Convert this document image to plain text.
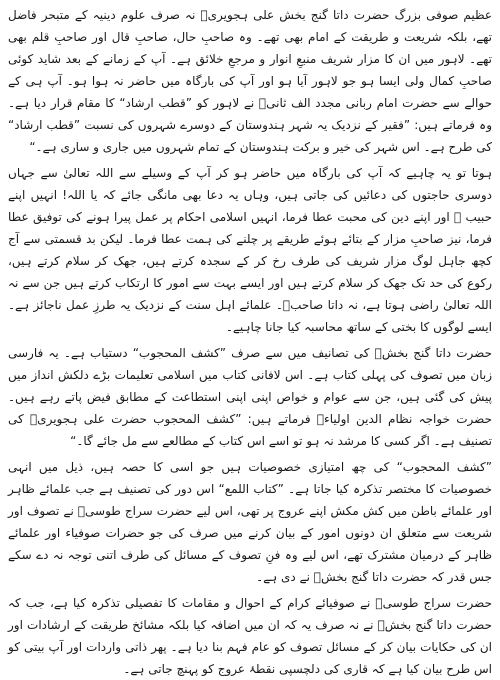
عظیم صوفی بزرگ حضرت داتا گنج بخش علی ہجویریؒ نہ صرف علوم دینیہ کے متبحر فاضل تھے، بلکہ شریعت و طریقت کے امام بھی تھے۔ وہ صاحبِ حال، صاحبِ قال اور صاحبِ قلم بھی تھے۔ لاہور میں ان کا مزار شریف منبعِ انوار و مرجعِ خلائق ہے۔ آپ کے زمانے کے بعد شاید کوئی صاحبِ کمال ولی ایسا ہو جو لاہور آیا ہو اور آپ کی بارگاہ میں حاضر نہ ہوا ہو۔ آپ ہی کے حوالے سے حضرت امام ربانی مجدد الف ثانیؒ نے لاہور کو ”قطب ارشاد“ کا مقام قرار دیا ہے۔ وہ فرماتے ہیں: ”فقیر کے نزدیک یہ شہر ہندوستان کے دوسرے شہروں کی نسبت ”قطب ارشاد“ کی طرح ہے۔ اس شہر کی خیر و برکت ہندوستان کے تمام شہروں میں جاری و ساری ہے۔“

ہوتا تو یہ چاہیے کہ آپ کی بارگاہ میں حاضر ہو کر آپ کے وسیلے سے اللہ تعالیٰ سے جہاں دوسری حاجتوں کی دعائیں کی جاتی ہیں، وہاں یہ دعا بھی مانگی جائے کہ یا اللہ! انہیں اپنے حبیب ﷺ اور اپنے دین کی محبت عطا فرما، انہیں اسلامی احکام پر عمل پیرا ہونے کی توفیق عطا فرما، نیز صاحبِ مزار کے بتائے ہوئے طریقے پر چلنے کی ہمت عطا فرما۔ لیکن بد قسمتی سے آج کچھ جاہل لوگ مزار شریف کی طرف رخ کر کے سجدہ کرتے ہیں، جھک کر سلام کرتے ہیں، رکوع کی حد تک جھک کر سلام کرتے ہیں اور ایسے بہت سے امور کا ارتکاب کرتے ہیں جن سے نہ اللہ تعالیٰ راضی ہوتا ہے، نہ داتا صاحبؒ۔ علمائے اہل سنت کے نزدیک یہ طرزِ عمل ناجائز ہے۔ ایسے لوگوں کا بختی کے ساتھ محاسبہ کیا جانا چاہیے۔

حضرت داتا گنج بخشؒ کی تصانیف میں سے صرف ”کشف المحجوب“ دستیاب ہے۔ یہ فارسی زبان میں تصوف کی پہلی کتاب ہے۔ اس لافانی کتاب میں اسلامی تعلیمات بڑے دلکش انداز میں پیش کی گئی ہیں، جن سے عوام و خواص اپنی اپنی استطاعت کے مطابق فیض پاتے رہے ہیں۔ حضرت خواجہ نظام الدین اولیاءؒ فرماتے ہیں: ”کشف المحجوب حضرت علی ہجویریؒ کی تصنیف ہے۔ اگر کسی کا مرشد نہ ہو تو اسے اس کتاب کے مطالعے سے مل جائے گا۔“

”کشف المحجوب“ کی چھ امتیازی خصوصیات ہیں جو اسی کا حصہ ہیں، ذیل میں انہی خصوصیات کا مختصر تذکرہ کیا جاتا ہے۔ ”کتاب اللمع“ اس دور کی تصنیف ہے جب علمائے ظاہر اور علمائے باطن میں کش مکش اپنے عروج پر تھی، اس لیے حضرت سراج طوسیؒ نے تصوف اور شریعت سے متعلق ان دونوں امور کے بیان کرنے میں صرف کی جو حضرات صوفیاء اور علمائے ظاہر کے درمیان مشترک تھے، اس لیے وہ فنِ تصوف کے مسائل کی طرف اتنی توجہ نہ دے سکے جس قدر کہ حضرت داتا گنج بخشؒ نے دی ہے۔

حضرت سراج طوسیؒ نے صوفیائے کرام کے احوال و مقامات کا تفصیلی تذکرہ کیا ہے، جب کہ حضرت داتا گنج بخشؒ نے نہ صرف یہ کہ ان میں اضافہ کیا بلکہ مشائخ طریقت کے ارشادات اور ان کی حکایات بیان کر کے مسائل تصوف کو عام فہم بنا دیا ہے۔ پھر ذاتی واردات اور آپ بیتی کو اس طرح بیان کیا ہے کہ قاری کی دلچسپی نقطۂ عروج کو پہنچ جاتی ہے۔
